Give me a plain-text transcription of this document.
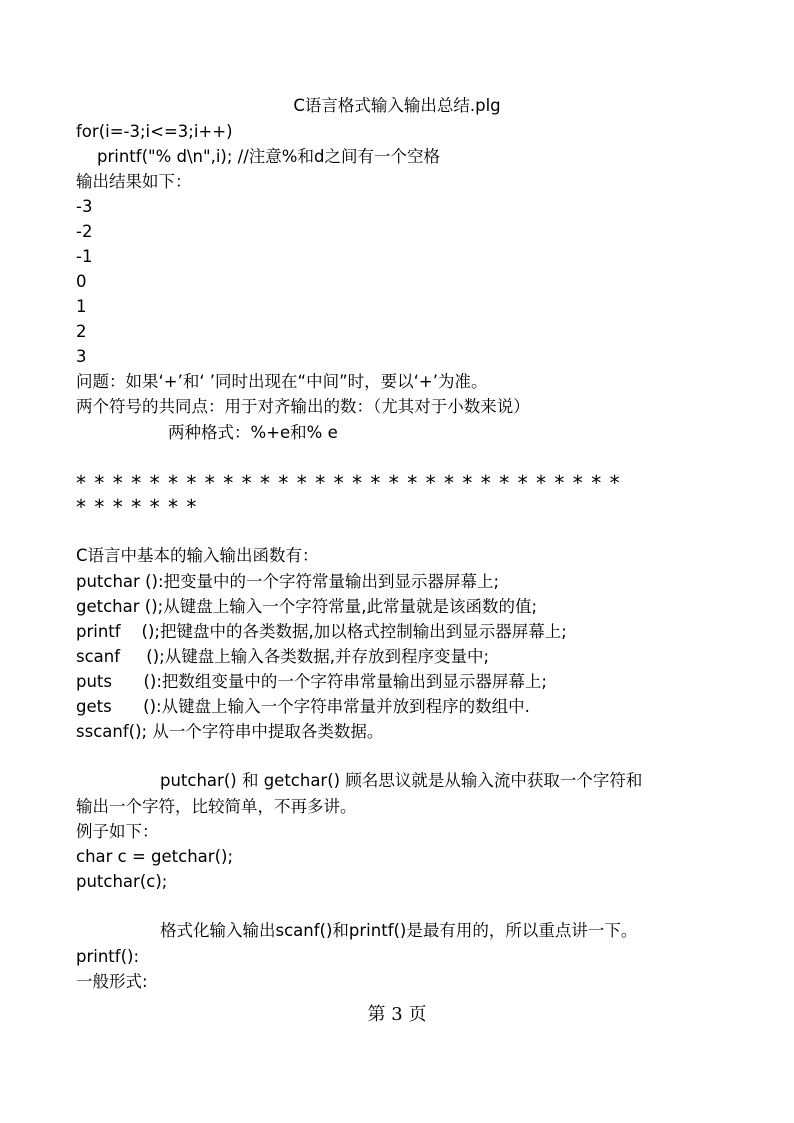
C语言格式输入输出总结.plg
for(i=-3;i<=3;i++)
printf("% d\n",i); //注意%和d之间有一个空格
输出结果如下：
-3
-2
-1
0
1
2
3
问题：如果‘+’和‘ ’同时出现在“中间”时，要以‘+’为准。
两个符号的共同点：用于对齐输出的数：（尤其对于小数来说）
两种格式：%+e和% e
******************************
*******
C语言中基本的输入输出函数有：
putchar ():把变量中的一个字符常量输出到显示器屏幕上;
getchar ();从键盘上输入一个字符常量,此常量就是该函数的值;
printf    ();把键盘中的各类数据,加以格式控制输出到显示器屏幕上;
scanf     ();从键盘上输入各类数据,并存放到程序变量中;
puts      ():把数组变量中的一个字符串常量输出到显示器屏幕上;
gets      ():从键盘上输入一个字符串常量并放到程序的数组中.
sscanf(); 从一个字符串中提取各类数据。
putchar() 和 getchar() 顾名思议就是从输入流中获取一个字符和
输出一个字符，比较简单，不再多讲。
例子如下：
char c = getchar();
putchar(c);
格式化输入输出scanf()和printf()是最有用的，所以重点讲一下。
printf():
一般形式:
第 3 页
